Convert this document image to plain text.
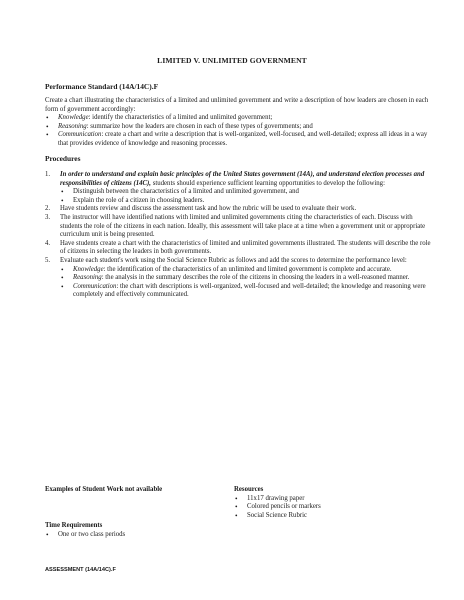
LIMITED V. UNLIMITED GOVERNMENT
Performance Standard (14A/14C).F
Create a chart illustrating the characteristics of a limited and unlimited government and write a description of how leaders are chosen in each form of government accordingly:
• Knowledge: identify the characteristics of a limited and unlimited government;
• Reasoning: summarize how the leaders are chosen in each of these types of governments; and
• Communication: create a chart and write a description that is well-organized, well-focused, and well-detailed; express all ideas in a way that provides evidence of knowledge and reasoning processes.
Procedures
1. In order to understand and explain basic principles of the United States government (14A), and understand election processes and responsibilities of citizens (14C), students should experience sufficient learning opportunities to develop the following:
• Distinguish between the characteristics of a limited and unlimited government, and
• Explain the role of a citizen in choosing leaders.
2. Have students review and discuss the assessment task and how the rubric will be used to evaluate their work.
3. The instructor will have identified nations with limited and unlimited governments citing the characteristics of each. Discuss with students the role of the citizens in each nation. Ideally, this assessment will take place at a time when a government unit or appropriate curriculum unit is being presented.
4. Have students create a chart with the characteristics of limited and unlimited governments illustrated. The students will describe the role of citizens in selecting the leaders in both governments.
5. Evaluate each student's work using the Social Science Rubric as follows and add the scores to determine the performance level:
• Knowledge: the identification of the characteristics of an unlimited and limited government is complete and accurate.
• Reasoning: the analysis in the summary describes the role of the citizens in choosing the leaders in a well-reasoned manner.
• Communication: the chart with descriptions is well-organized, well-focused and well-detailed; the knowledge and reasoning were completely and effectively communicated.
Examples of Student Work not available	Resources
• 11x17 drawing paper
• Colored pencils or markers
• Social Science Rubric
Time Requirements
• One or two class periods
ASSESSMENT (14A/14C).F
